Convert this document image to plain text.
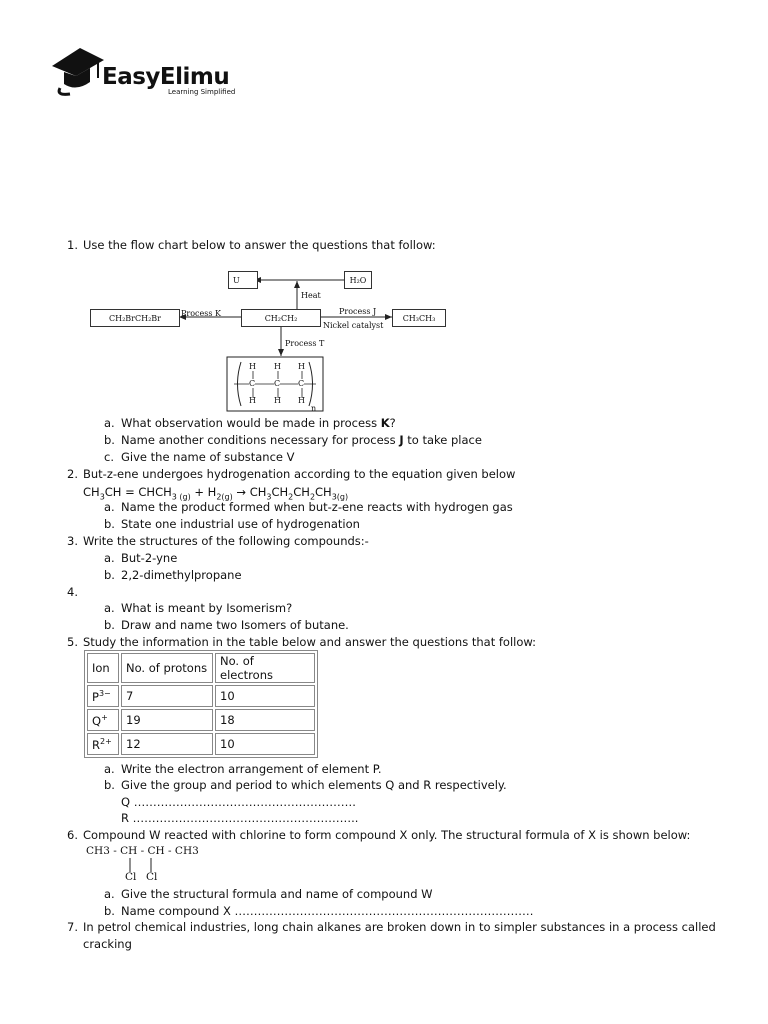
EasyElimu
Learning Simplified
1. Use the flow chart below to answer the questions that follow:
U	H₂O
Heat
CH₂CH₂
CH₂BrCH₂Br	CH₃CH₃
Process K	Process J
Nickel catalyst
Process T
H H H
C C C
H H H
n
a. What observation would be made in process K?
b. Name another conditions necessary for process J to take place
c. Give the name of substance V
2. But-z-ene undergoes hydrogenation according to the equation given below
$CH_3CH$ = $CHCH_{3 (g)} + H_{2(g)} \to CH_3CH_2CH_2CH_{3(g)}$
a. Name the product formed when but-z-ene reacts with hydrogen gas
b. State one industrial use of hydrogenation
3. Write the structures of the following compounds:-
a. But-2-yne
b. 2,2-dimethylpropane
4.
a. What is meant by Isomerism?
b. Draw and name two Isomers of butane.
5. Study the information in the table below and answer the questions that follow:
Ion	No. of protons	No. of electrons
$P^{3-}$	7	10
Q+	19	18
$R^{2+}$	12	10
a. Write the electron arrangement of element P.
b. Give the group and period to which elements Q and R respectively.
Q ………………………………………………….
R …………………………………………………..
6. Compound W reacted with chlorine to form compound X only. The structural formula of X is shown below:
CH3 - CH - CH - CH3
Cl Cl
a. Give the structural formula and name of compound W
b. Name compound X ……………………………………………………………………
7. In petrol chemical industries, long chain alkanes are broken down in to simpler substances in a process called
cracking
